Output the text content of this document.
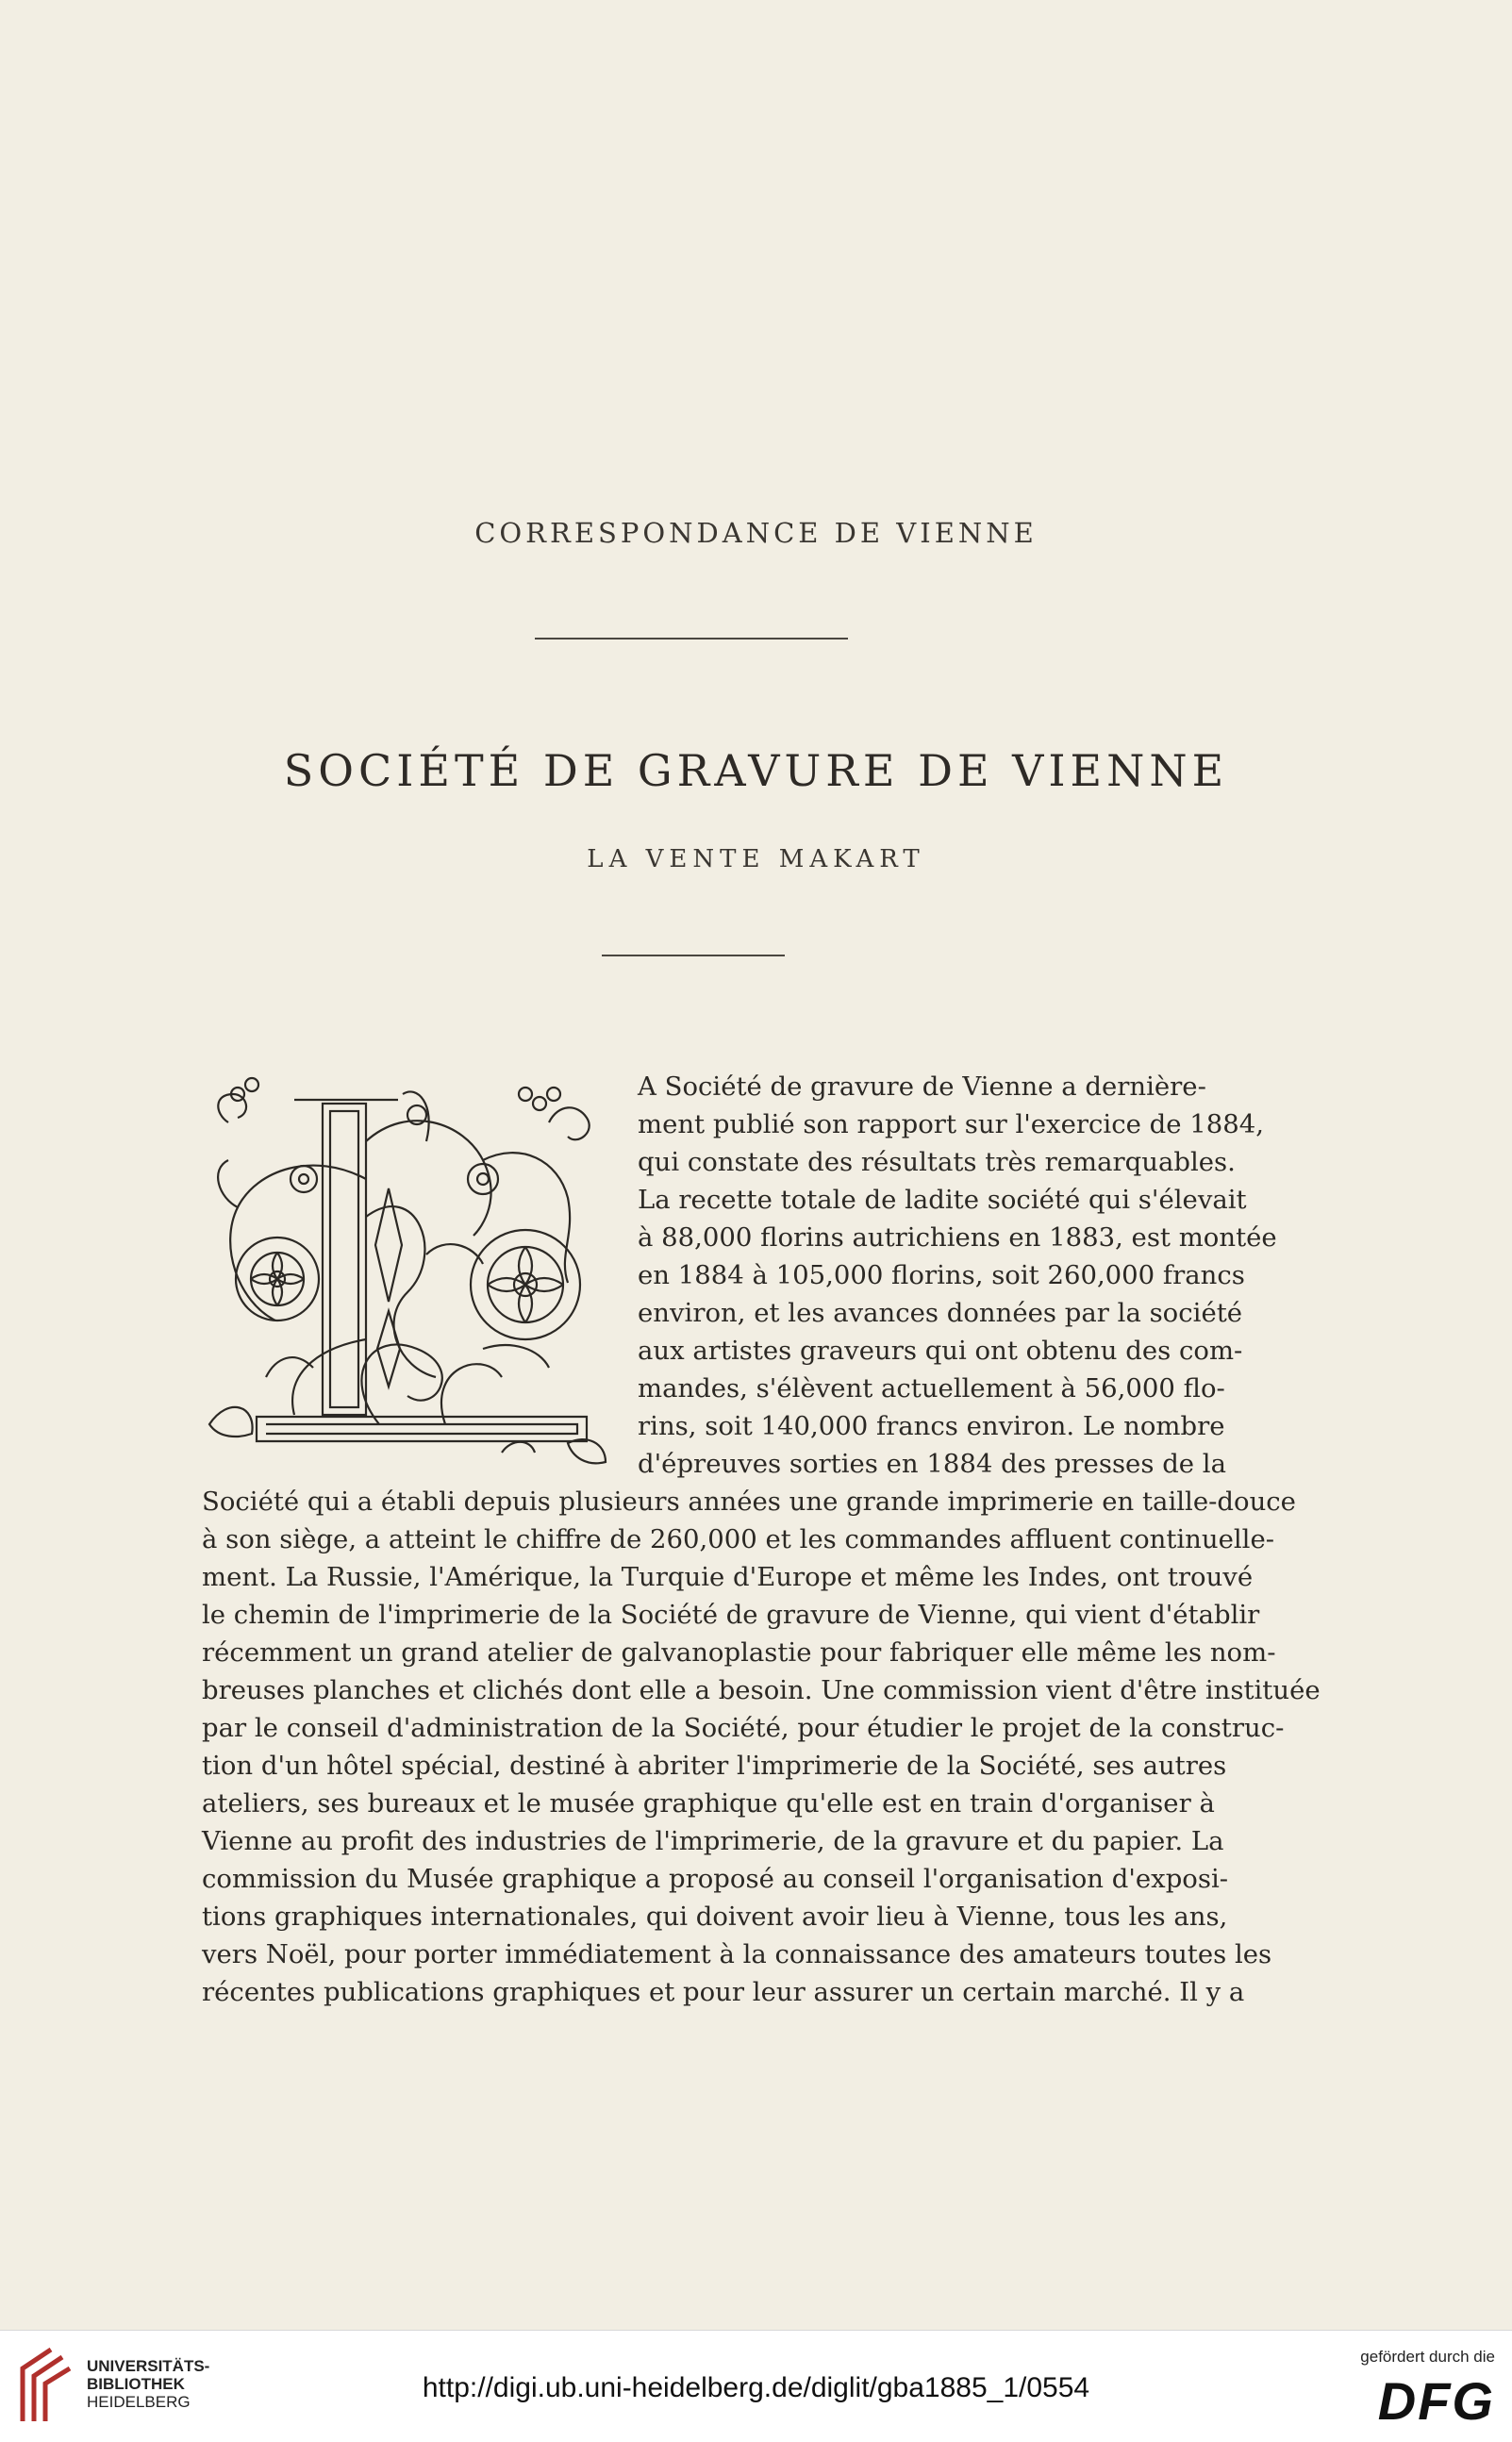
CORRESPONDANCE DE VIENNE
SOCIÉTÉ DE GRAVURE DE VIENNE
LA VENTE MAKART
A Société de gravure de Vienne a dernière-
ment publié son rapport sur l'exercice de 1884,
qui constate des résultats très remarquables.
La recette totale de ladite société qui s'élevait
à 88,000 florins autrichiens en 1883, est montée
en 1884 à 105,000 florins, soit 260,000 francs
environ, et les avances données par la société
aux artistes graveurs qui ont obtenu des com-
mandes, s'élèvent actuellement à 56,000 flo-
rins, soit 140,000 francs environ. Le nombre
d'épreuves sorties en 1884 des presses de la
Société qui a établi depuis plusieurs années une grande imprimerie en taille-douce
à son siège, a atteint le chiffre de 260,000 et les commandes affluent continuelle-
ment. La Russie, l'Amérique, la Turquie d'Europe et même les Indes, ont trouvé
le chemin de l'imprimerie de la Société de gravure de Vienne, qui vient d'établir
récemment un grand atelier de galvanoplastie pour fabriquer elle même les nom-
breuses planches et clichés dont elle a besoin. Une commission vient d'être instituée
par le conseil d'administration de la Société, pour étudier le projet de la construc-
tion d'un hôtel spécial, destiné à abriter l'imprimerie de la Société, ses autres
ateliers, ses bureaux et le musée graphique qu'elle est en train d'organiser à
Vienne au profit des industries de l'imprimerie, de la gravure et du papier. La
commission du Musée graphique a proposé au conseil l'organisation d'exposi-
tions graphiques internationales, qui doivent avoir lieu à Vienne, tous les ans,
vers Noël, pour porter immédiatement à la connaissance des amateurs toutes les
récentes publications graphiques et pour leur assurer un certain marché. Il y a
UNIVERSITÄTS-
BIBLIOTHEK
HEIDELBERG	http://digi.ub.uni-heidelberg.de/diglit/gba1885_1/0554
gefördert durch die
DFG
